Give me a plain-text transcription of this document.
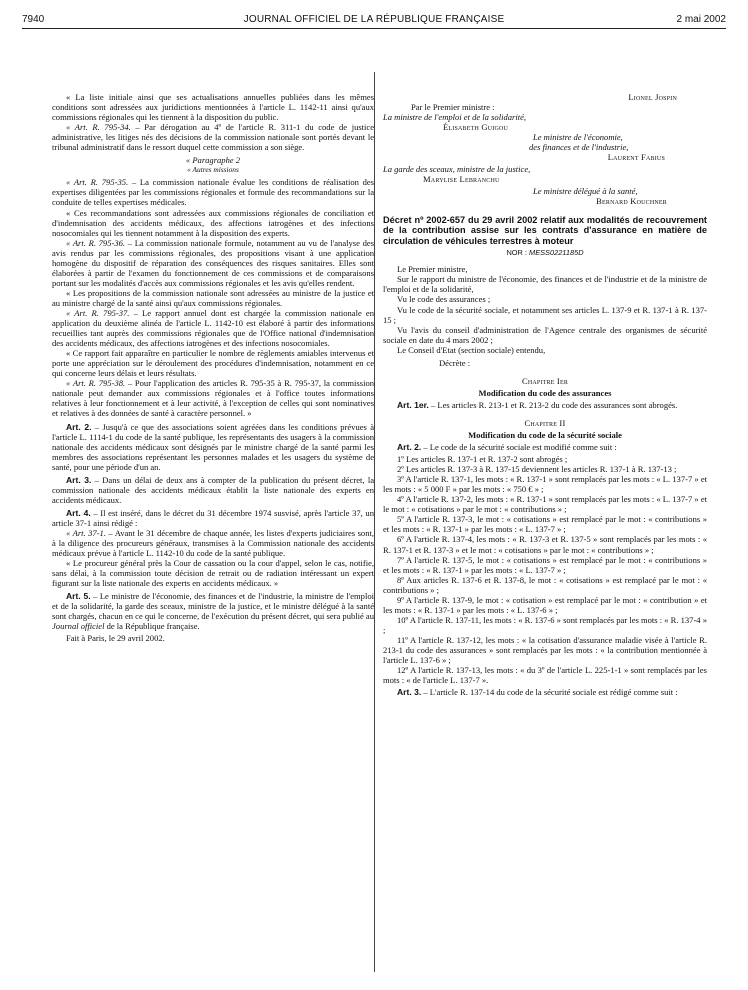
7940	JOURNAL OFFICIEL DE LA RÉPUBLIQUE FRANÇAISE	2 mai 2002

« La liste initiale ainsi que ses actualisations annuelles publiées dans les mêmes conditions sont adressées aux juridictions mentionnées à l'article L. 1142-11 ainsi qu'aux commissions régionales qui les tiennent à la disposition du public.

« Art. R. 795-34. – Par dérogation au 4º de l'article R. 311-1 du code de justice administrative, les litiges nés des décisions de la commission nationale sont portés devant le tribunal administratif dans le ressort duquel cette commission a son siège.

« Paragraphe 2

« Autres missions

« Art. R. 795-35. – La commission nationale évalue les conditions de réalisation des expertises diligentées par les commissions régionales et formule des recommandations sur la conduite de telles expertises médicales.

« Ces recommandations sont adressées aux commissions régionales de conciliation et d'indemnisation des accidents médicaux, des affections iatrogènes et des infections nosocomiales qui les tiennent notamment à la disposition des experts.

« Art. R. 795-36. – La commission nationale formule, notamment au vu de l'analyse des avis rendus par les commissions régionales, des propositions visant à une application homogène du dispositif de réparation des conséquences des risques sanitaires. Elles sont élaborées à partir de l'examen du fonctionnement de ces commissions et de comparaisons portant sur les modalités d'accès aux commissions régionales et les avis qu'elles rendent.

« Les propositions de la commission nationale sont adressées au ministre de la justice et au ministre chargé de la santé ainsi qu'aux commissions régionales.

« Art. R. 795-37. – Le rapport annuel dont est chargée la commission nationale en application du deuxième alinéa de l'article L. 1142-10 est élaboré à partir des informations recueillies tant auprès des commissions régionales que de l'Office national d'indemnisation des accidents médicaux, des affections iatrogènes et des infections nosocomiales.

« Ce rapport fait apparaître en particulier le nombre de règlements amiables intervenus et porte une appréciation sur le déroulement des procédures d'indemnisation, notamment en ce qui concerne leurs délais et leurs résultats.

« Art. R. 795-38. – Pour l'application des articles R. 795-35 à R. 795-37, la commission nationale peut demander aux commissions régionales et à l'office toutes informations relatives à leur fonctionnement et à leur activité, à l'exception de celles qui sont nominatives et relatives à des données de santé à caractère personnel. »

Art. 2. – Jusqu'à ce que des associations soient agréées dans les conditions prévues à l'article L. 1114-1 du code de la santé publique, les représentants des usagers à la commission nationale des accidents médicaux sont désignés par le ministre chargé de la santé parmi les membres des associations représentant les personnes malades et les usagers du système de santé, pour une période d'un an.

Art. 3. – Dans un délai de deux ans à compter de la publication du présent décret, la commission nationale des accidents médicaux établit la liste nationale des experts en accidents médicaux.

Art. 4. – Il est inséré, dans le décret du 31 décembre 1974 susvisé, après l'article 37, un article 37-1 ainsi rédigé :

« Art. 37-1. – Avant le 31 décembre de chaque année, les listes d'experts judiciaires sont, à la diligence des procureurs généraux, transmises à la Commission nationale des accidents médicaux prévue à l'article L. 1142-10 du code de la santé publique.

« Le procureur général près la Cour de cassation ou la cour d'appel, selon le cas, notifie, sans délai, à la commission toute décision de retrait ou de radiation intéressant un expert figurant sur la liste nationale des experts en accidents médicaux. »

Art. 5. – Le ministre de l'économie, des finances et de l'industrie, la ministre de l'emploi et de la solidarité, la garde des sceaux, ministre de la justice, et le ministre délégué à la santé sont chargés, chacun en ce qui le concerne, de l'exécution du présent décret, qui sera publié au Journal officiel de la République française.

Fait à Paris, le 29 avril 2002.

Lionel Jospin

Par le Premier ministre :

La ministre de l'emploi et de la solidarité,

Élisabeth Guigou

Le ministre de l'économie,

des finances et de l'industrie,

Laurent Fabius

La garde des sceaux, ministre de la justice,

Marylise Lebranchu

Le ministre délégué à la santé,

Bernard Kouchner

Décret nº 2002-657 du 29 avril 2002 relatif aux modalités de recouvrement de la contribution assise sur les contrats d'assurance en matière de circulation de véhicules terrestres à moteur

NOR : MESS0221185D

Le Premier ministre,

Sur le rapport du ministre de l'économie, des finances et de l'industrie et de la ministre de l'emploi et de la solidarité,

Vu le code des assurances ;

Vu le code de la sécurité sociale, et notamment ses articles L. 137-9 et R. 137-1 à R. 137-15 ;

Vu l'avis du conseil d'administration de l'Agence centrale des organismes de sécurité sociale en date du 4 mars 2002 ;

Le Conseil d'Etat (section sociale) entendu,

Décrète :

Chapitre Ier

Modification du code des assurances

Art. 1er. – Les articles R. 213-1 et R. 213-2 du code des assurances sont abrogés.

Chapitre II

Modification du code de la sécurité sociale

Art. 2. – Le code de la sécurité sociale est modifié comme suit :

1º Les articles R. 137-1 et R. 137-2 sont abrogés ;

2º Les articles R. 137-3 à R. 137-15 deviennent les articles R. 137-1 à R. 137-13 ;

3º A l'article R. 137-1, les mots : « R. 137-1 » sont remplacés par les mots : « L. 137-7 » et les mots : « 5 000 F » par les mots : « 750 € » ;

4º A l'article R. 137-2, les mots : « R. 137-1 » sont remplacés par les mots : « L. 137-7 » et le mot : « cotisations » par le mot : « contributions » ;

5º A l'article R. 137-3, le mot : « cotisations » est remplacé par le mot : « contributions » et les mots : « R. 137-1 » par les mots : « L. 137-7 » ;

6º A l'article R. 137-4, les mots : « R. 137-3 et R. 137-5 » sont remplacés par les mots : « R. 137-1 et R. 137-3 » et le mot : « cotisations » par le mot : « contributions » ;

7º A l'article R. 137-5, le mot : « cotisations » est remplacé par le mot : « contributions » et les mots : « R. 137-1 » par les mots : « L. 137-7 » ;

8º Aux articles R. 137-6 et R. 137-8, le mot : « cotisations » est remplacé par le mot : « contributions » ;

9º A l'article R. 137-9, le mot : « cotisation » est remplacé par le mot : « contribution » et les mots : « R. 137-1 » par les mots : « L. 137-6 » ;

10º A l'article R. 137-11, les mots : « R. 137-6 » sont remplacés par les mots : « R. 137-4 » ;

11º A l'article R. 137-12, les mots : « la cotisation d'assurance maladie visée à l'article R. 213-1 du code des assurances » sont remplacés par les mots : « la contribution mentionnée à l'article L. 137-6 » ;

12º A l'article R. 137-13, les mots : « du 3º de l'article L. 225-1-1 » sont remplacés par les mots : « de l'article L. 137-7 ».

Art. 3. – L'article R. 137-14 du code de la sécurité sociale est rédigé comme suit :
